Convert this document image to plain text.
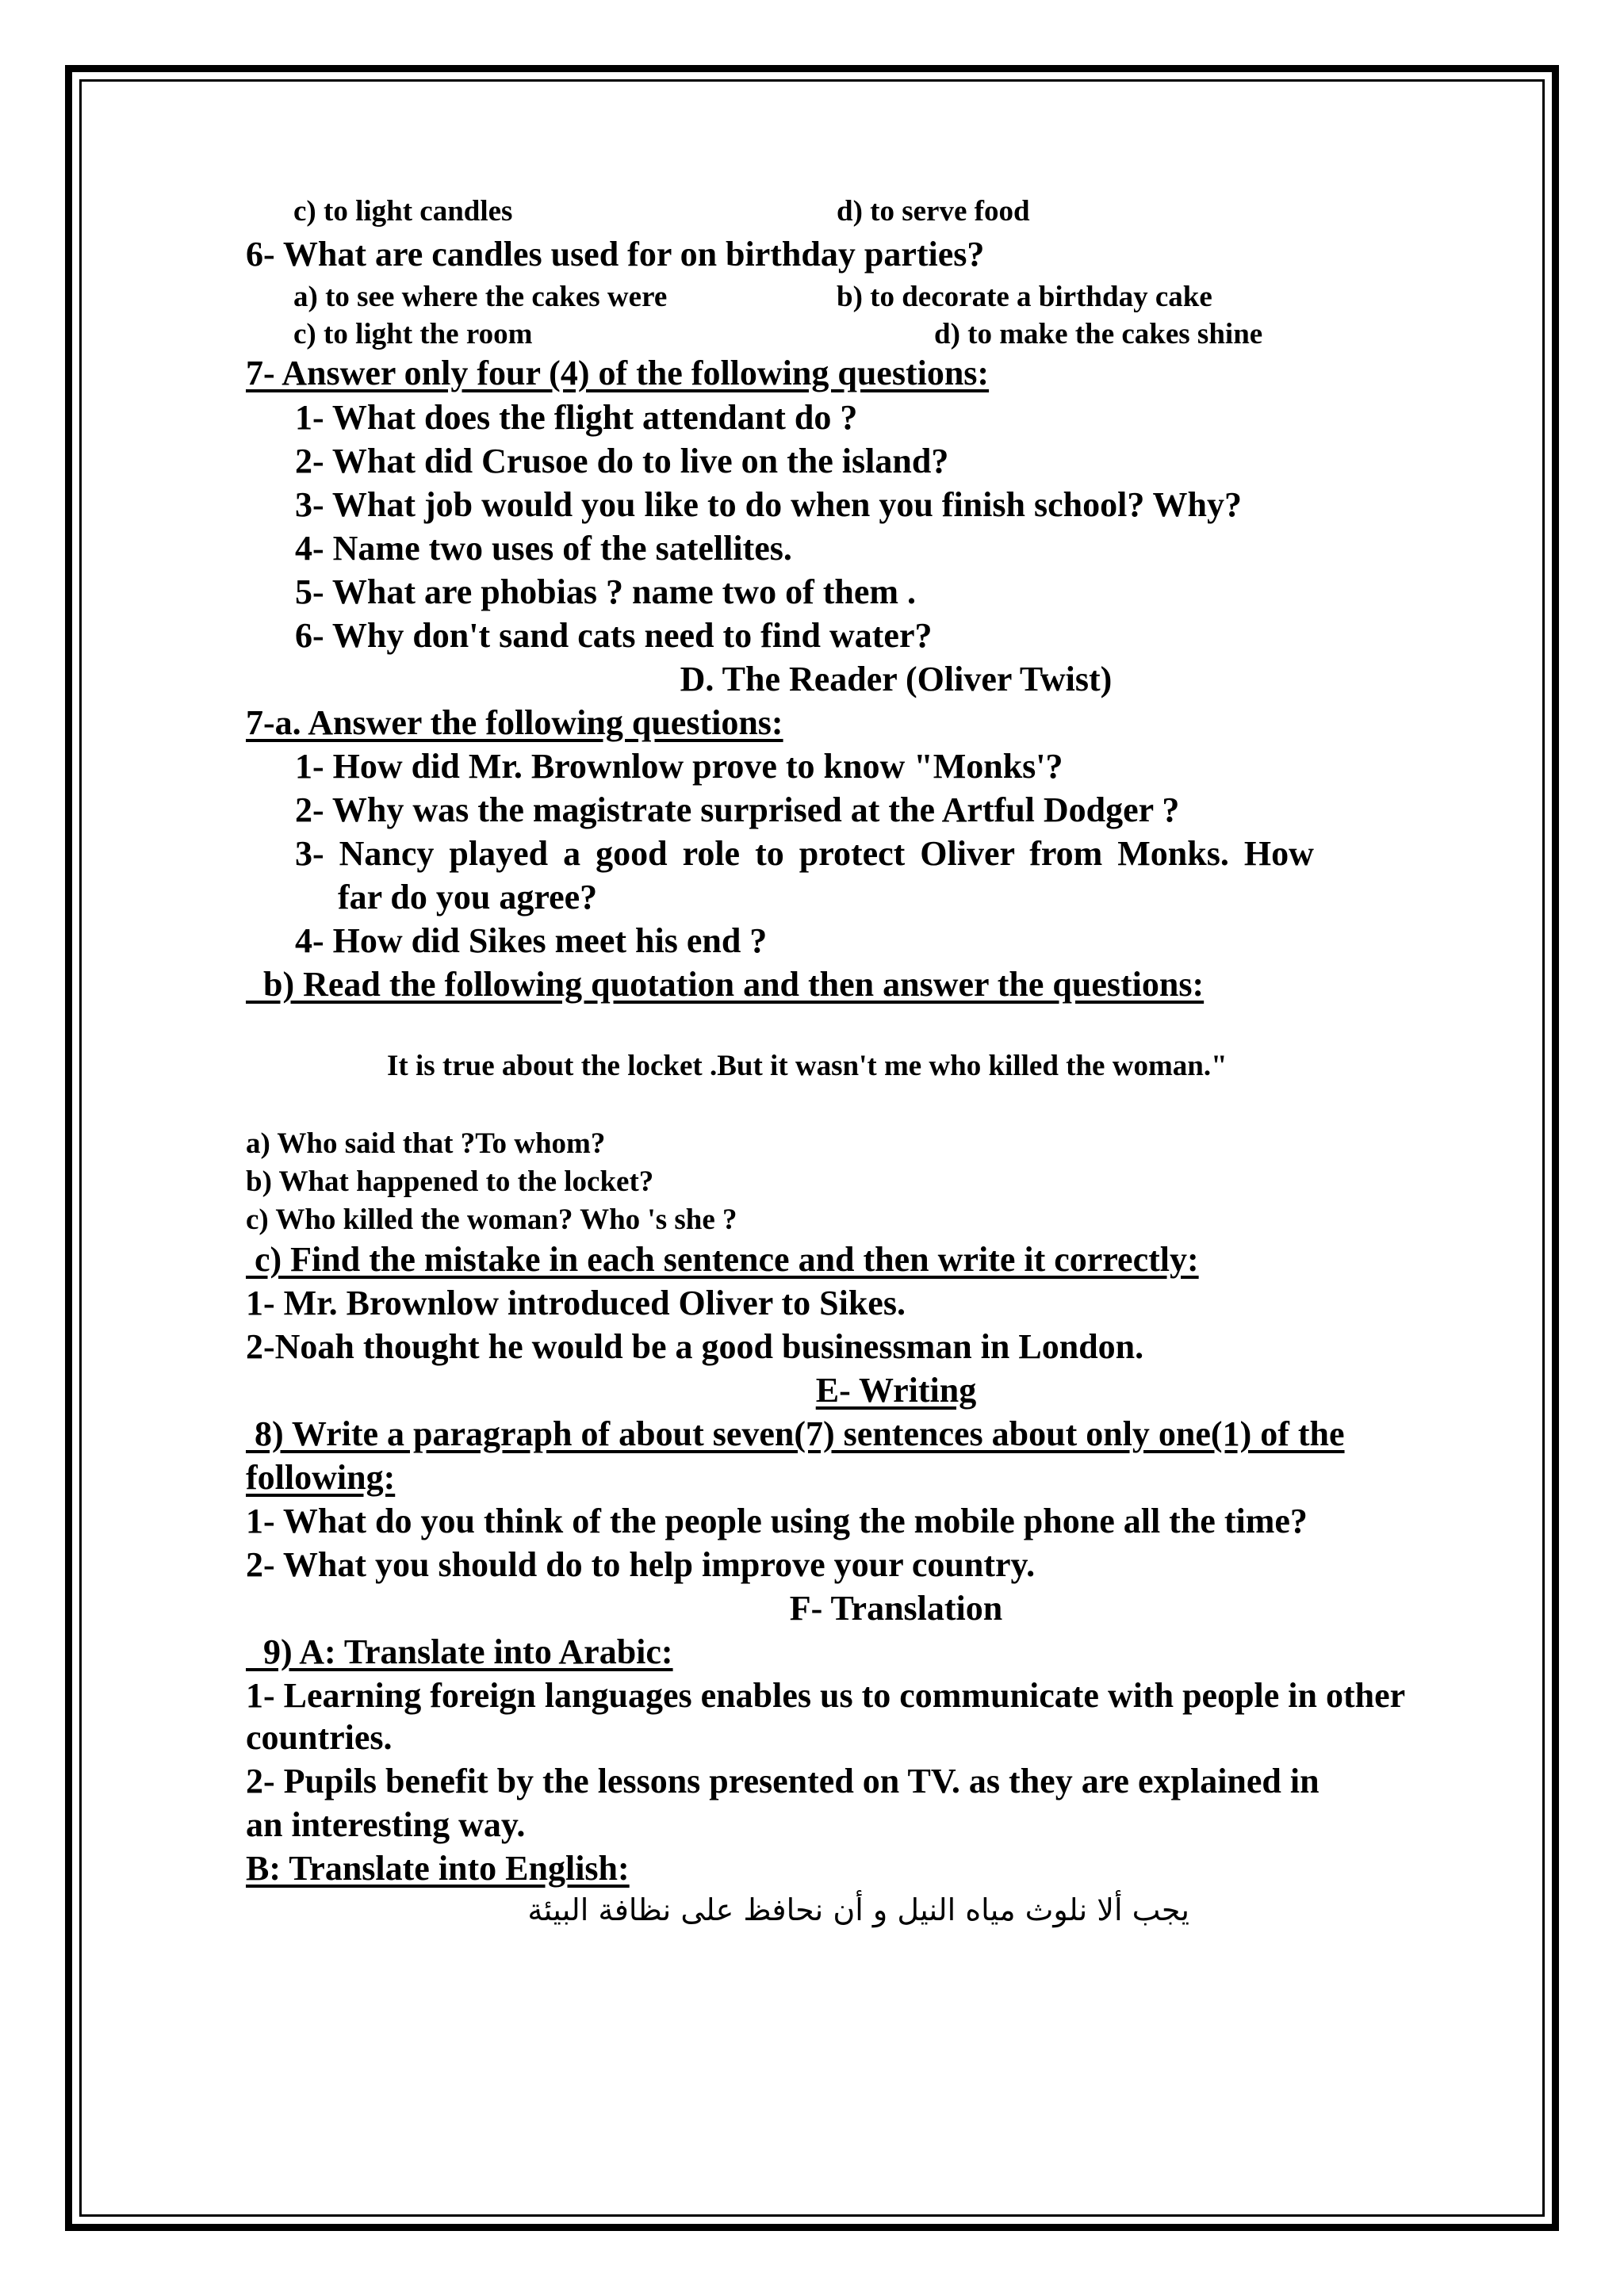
c) to light candles	d) to serve food
6- What are candles used for on birthday parties?
a) to see where the cakes were	b) to decorate a birthday cake
c) to light the room	d) to make the cakes shine
7- Answer only four (4) of the following questions:
1- What does the flight attendant do ?
2- What did Crusoe do to live on the island?
3- What job would you like to do when you finish school? Why?
4- Name two uses of the satellites.
5- What are phobias ? name two of them .
6- Why don't sand cats need to find water?
D. The Reader (Oliver Twist)
7-a. Answer the following questions:
1- How did Mr. Brownlow prove to know "Monks'?
2- Why was the magistrate surprised at the Artful Dodger ?
3- Nancy played a good role to protect Oliver from Monks. How
far do you agree?
4- How did Sikes meet his end ?
b) Read the following quotation and then answer the questions:
It is true about the locket .But it wasn't me who killed the woman."
a) Who said that ?To whom?
b) What happened to the locket?
c) Who killed the woman? Who 's she ?
c) Find the mistake in each sentence and then write it correctly:
1- Mr. Brownlow introduced Oliver to Sikes.
2-Noah thought he would be a good businessman in London.
E- Writing
8) Write a paragraph of about seven(7) sentences about only one(1) of the
following:
1- What do you think of the people using the mobile phone all the time?
2- What you should do to help improve your country.
F- Translation
9) A: Translate into Arabic:
1- Learning foreign languages enables us to communicate with people in other
countries.
2- Pupils benefit by the lessons presented on TV. as they are explained in
an interesting way.
B: Translate into English:
يجب ألا نلوث مياه النيل و أن نحافظ على نظافة البيئة
